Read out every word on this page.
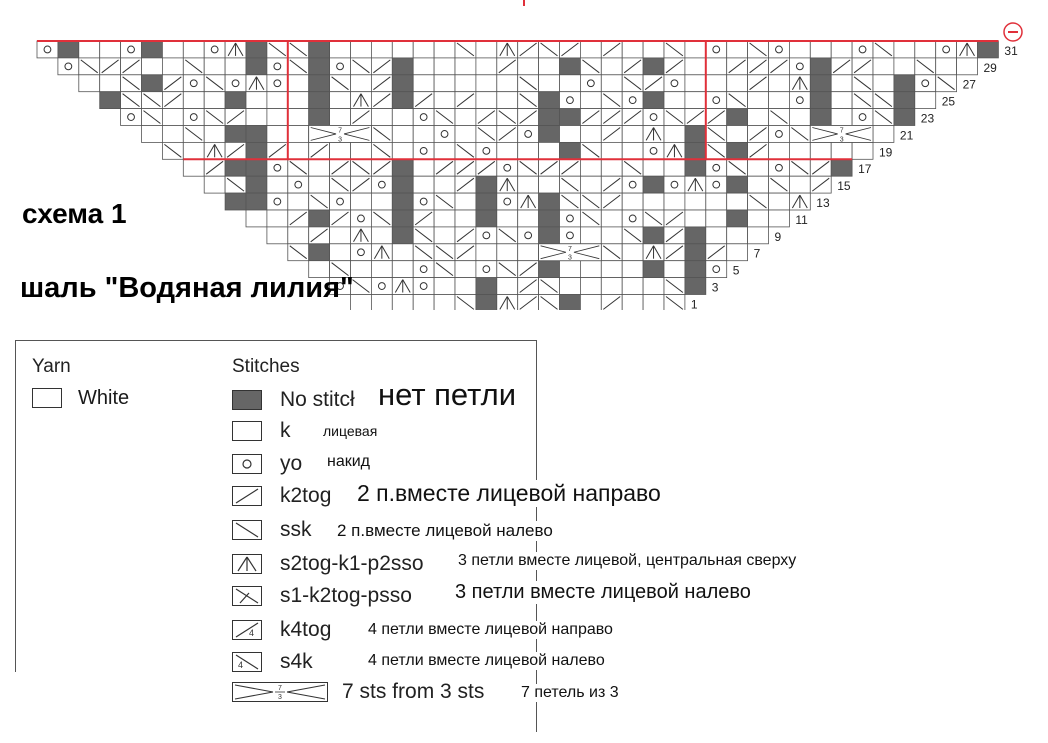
7
3
7
3
7
3
31
29
27
25
23
21
19
17
15
13
11
9
7
5
3
1
схема 1
шаль "Водяная лилия"
Yarn	Stitches
White	No stitcł нет петли
k лицевая
yo накид
k2tog 2 п.вместе лицевой направо
ssk 2 п.вместе лицевой налево
s2tog-k1-p2sso 3 петли вместе лицевой, центральная сверху
s1-k2tog-psso 3 петли вместе лицевой налево
4 k4tog 4 петли вместе лицевой направо
4 s4k	4 петли вместе лицевой налево
7
3	7 sts from 3 sts 7 петель из 3
